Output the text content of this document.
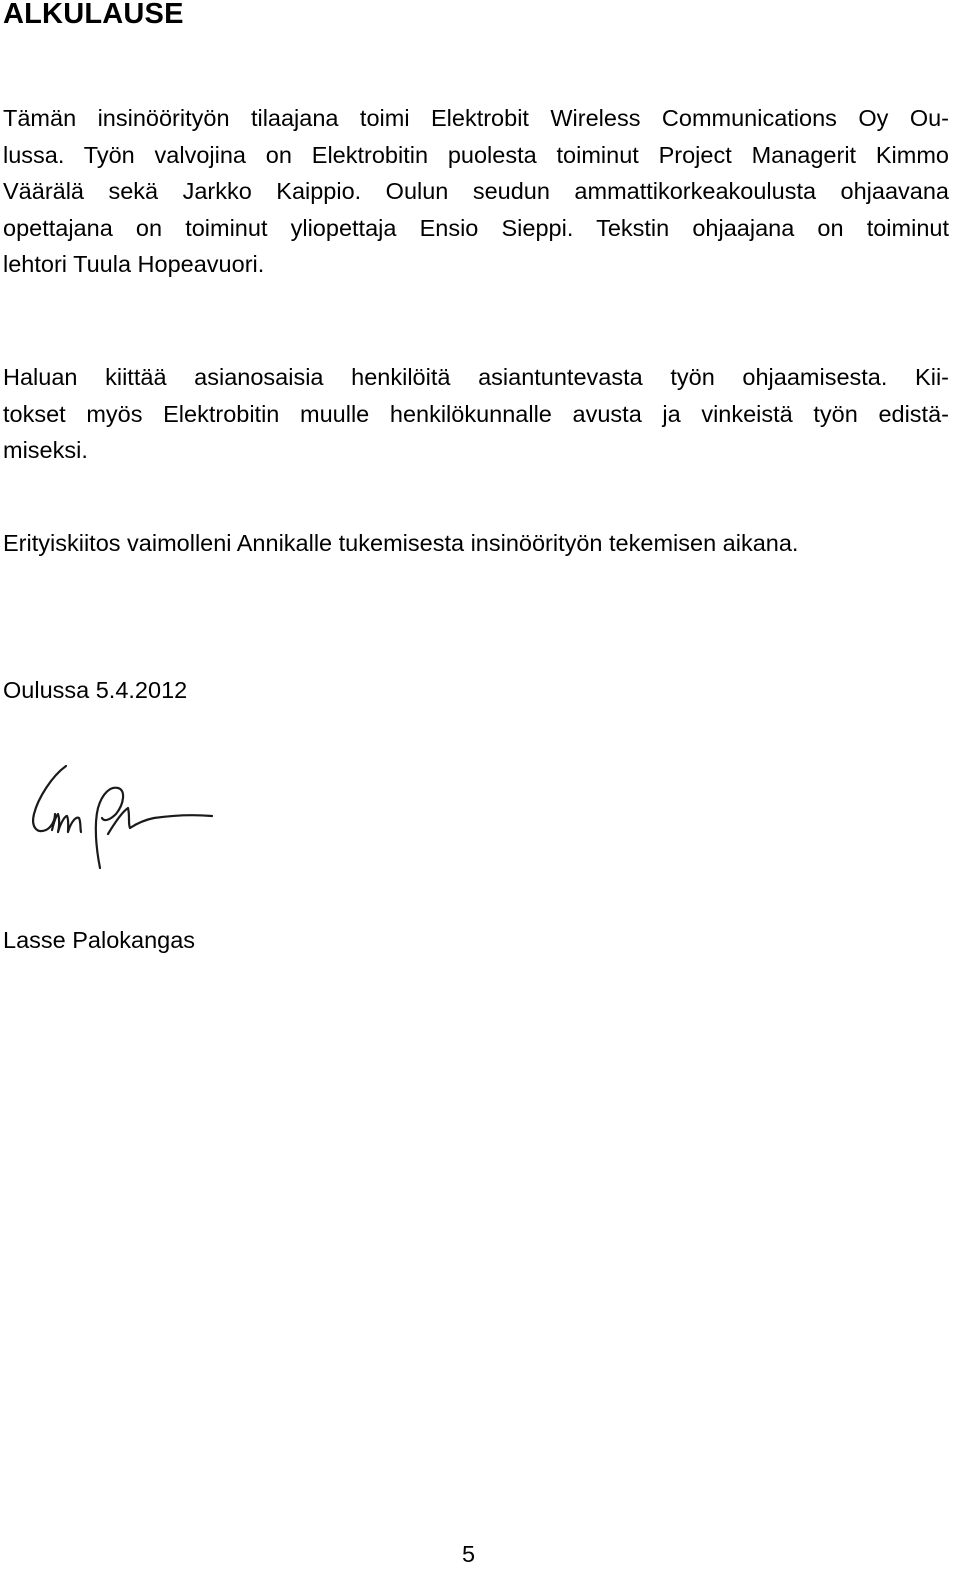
ALKULAUSE

Tämän insinöörityön tilaajana toimi Elektrobit Wireless Communications Oy Ou-
lussa. Työn valvojina on Elektrobitin puolesta toiminut Project Managerit Kimmo
Väärälä sekä Jarkko Kaippio. Oulun seudun ammattikorkeakoulusta ohjaavana
opettajana on toiminut yliopettaja Ensio Sieppi. Tekstin ohjaajana on toiminut
lehtori Tuula Hopeavuori.

Haluan kiittää asianosaisia henkilöitä asiantuntevasta työn ohjaamisesta. Kii-
tokset myös Elektrobitin muulle henkilökunnalle avusta ja vinkeistä työn edistä-
miseksi.

Erityiskiitos vaimolleni Annikalle tukemisesta insinöörityön tekemisen aikana.

Oulussa 5.4.2012

Lasse Palokangas

5
